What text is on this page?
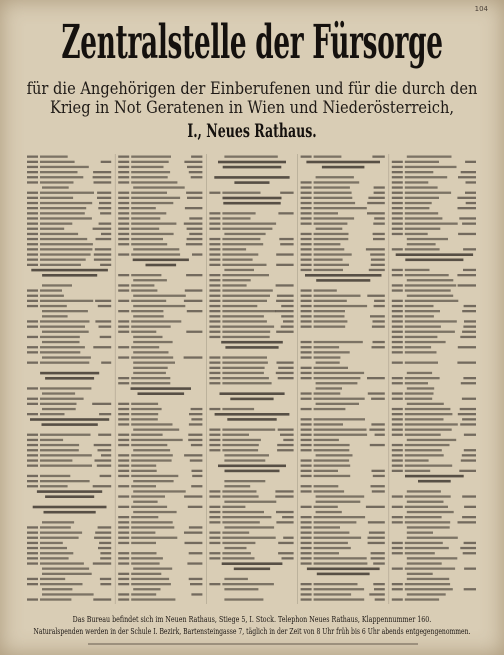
104
Zentralstelle der Fürsorge
für die Angehörigen der Einberufenen und für die durch den
Krieg in Not Geratenen in Wien und Niederösterreich,
I., Neues Rathaus.
Das Bureau befindet sich im Neuen Rathaus, Stiege 5, I. Stock. Telephon Neues Rathaus, Klappennummer 160.
Naturalspenden werden in der Schule I. Bezirk, Bartensteingasse 7, täglich in der Zeit von 8 Uhr früh bis 6 Uhr abends entgegengenommen.
